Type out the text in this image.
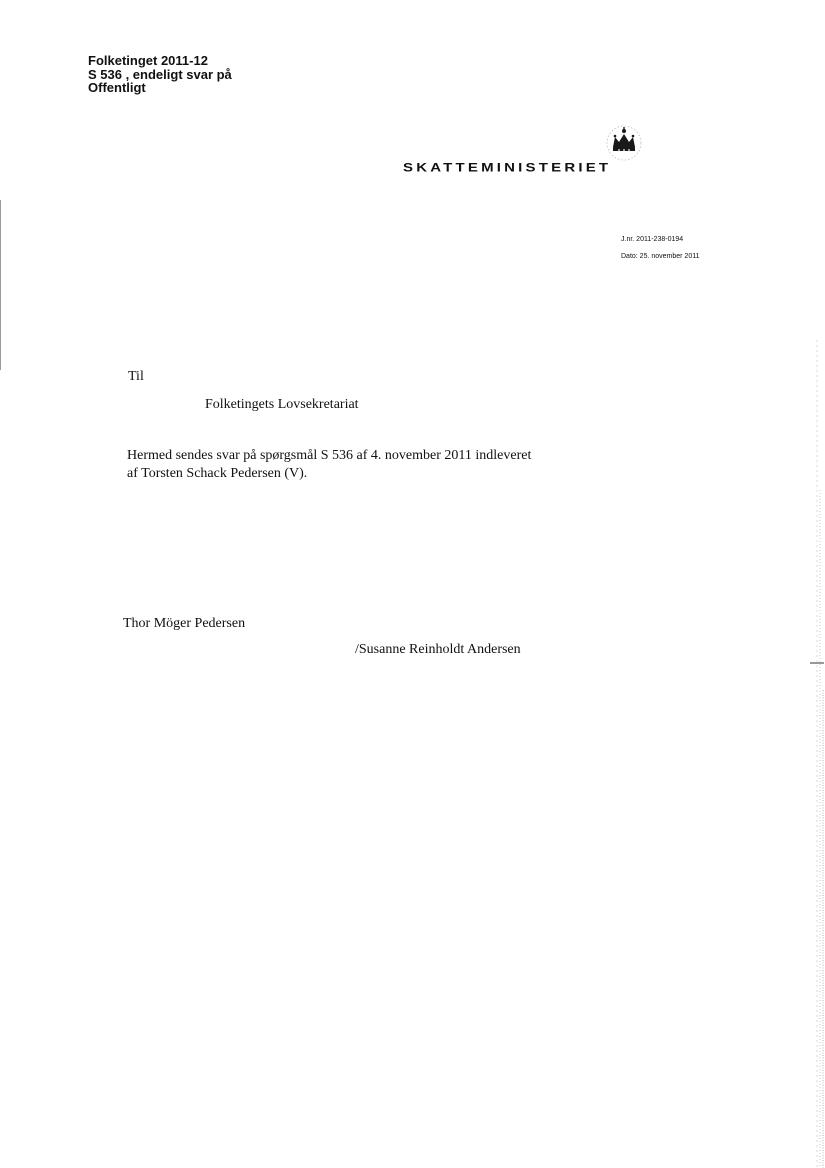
Folketinget 2011-12
S 536 , endeligt svar på
Offentligt
SKATTEMINISTERIET
J.nr. 2011-238-0194
Dato: 25. november 2011
Til
Folketingets Lovsekretariat
Hermed sendes svar på spørgsmål S 536 af 4. november 2011 indleveret
af Torsten Schack Pedersen (V).
Thor Möger Pedersen
/Susanne Reinholdt Andersen
